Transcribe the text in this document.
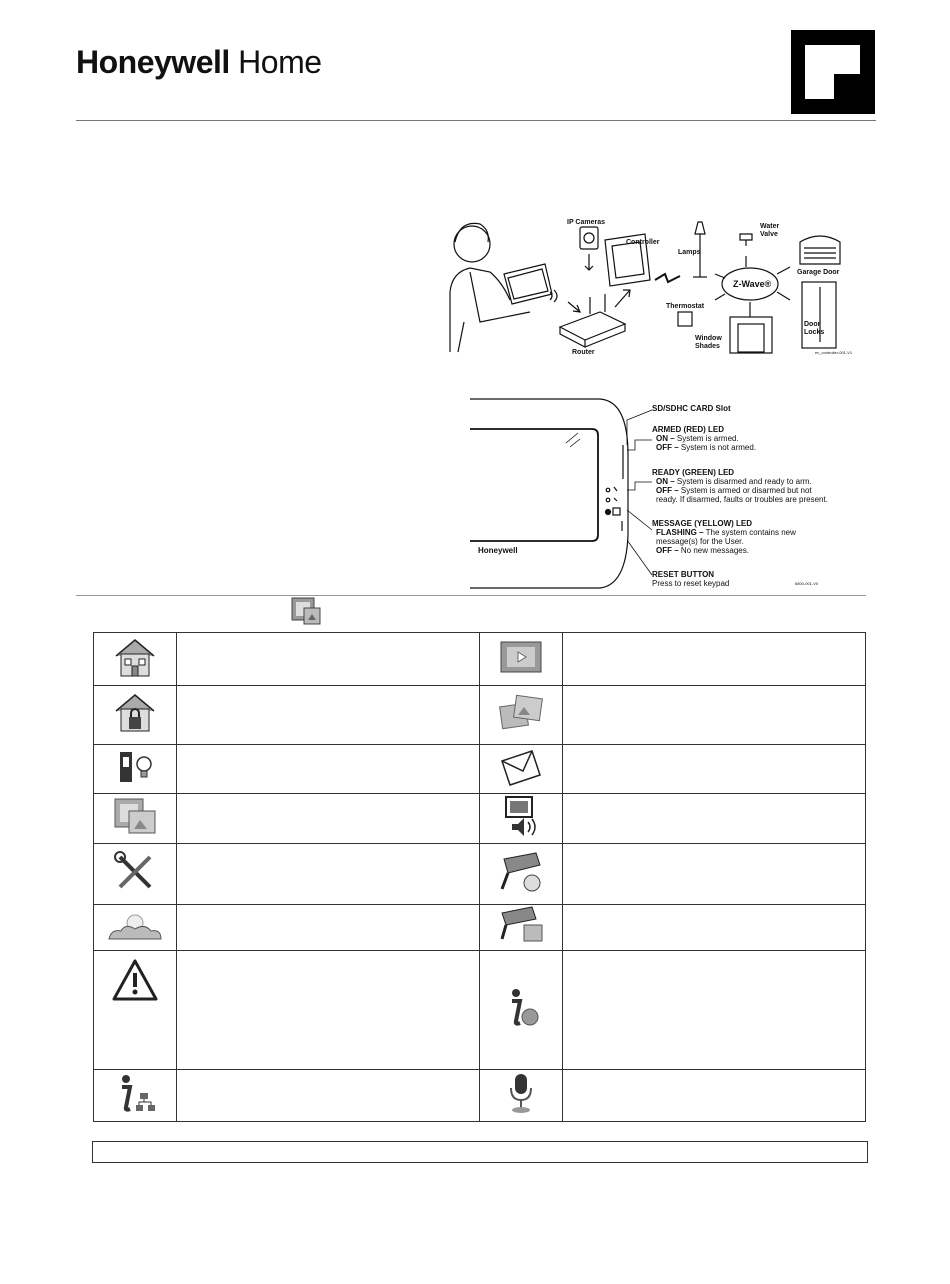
Honeywell Home
IP Cameras
Controller
Lamps
Water
Valve
Garage Door
Z-Wave®
Thermostat
Window
Shades
Door
Locks
Router	ev_controller-001-V1
Honeywell
SD/SDHC CARD Slot
ARMED (RED) LED
ON – System is armed.
OFF – System is not armed.
READY (GREEN) LED
ON – System is disarmed and ready to arm.
OFF – System is armed or disarmed but not
ready. If disarmed, faults or troubles are present.
MESSAGE (YELLOW) LED
FLASHING – The system contains new
message(s) for the User.
OFF – No new messages.
RESET BUTTON
Press to reset keypad	6800-001-V0
